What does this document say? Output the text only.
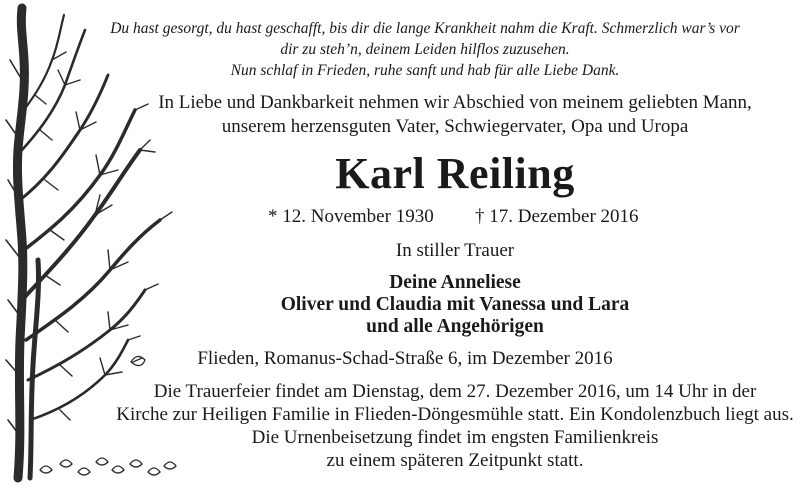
Du hast gesorgt, du hast geschafft, bis dir die lange Krankheit nahm die Kraft. Schmerzlich war’s vor
dir zu steh’n, deinem Leiden hilflos zuzusehen.
Nun schlaf in Frieden, ruhe sanft und hab für alle Liebe Dank.
In Liebe und Dankbarkeit nehmen wir Abschied von meinem geliebten Mann,
unserem herzensguten Vater, Schwiegervater, Opa und Uropa
Karl Reiling
* 12. November 1930 † 17. Dezember 2016
In stiller Trauer
Deine Anneliese
Oliver und Claudia mit Vanessa und Lara
und alle Angehörigen
Flieden, Romanus-Schad-Straße 6, im Dezember 2016
Die Trauerfeier findet am Dienstag, dem 27. Dezember 2016, um 14 Uhr in der
Kirche zur Heiligen Familie in Flieden-Döngesmühle statt. Ein Kondolenzbuch liegt aus.
Die Urnenbeisetzung findet im engsten Familienkreis
zu einem späteren Zeitpunkt statt.
